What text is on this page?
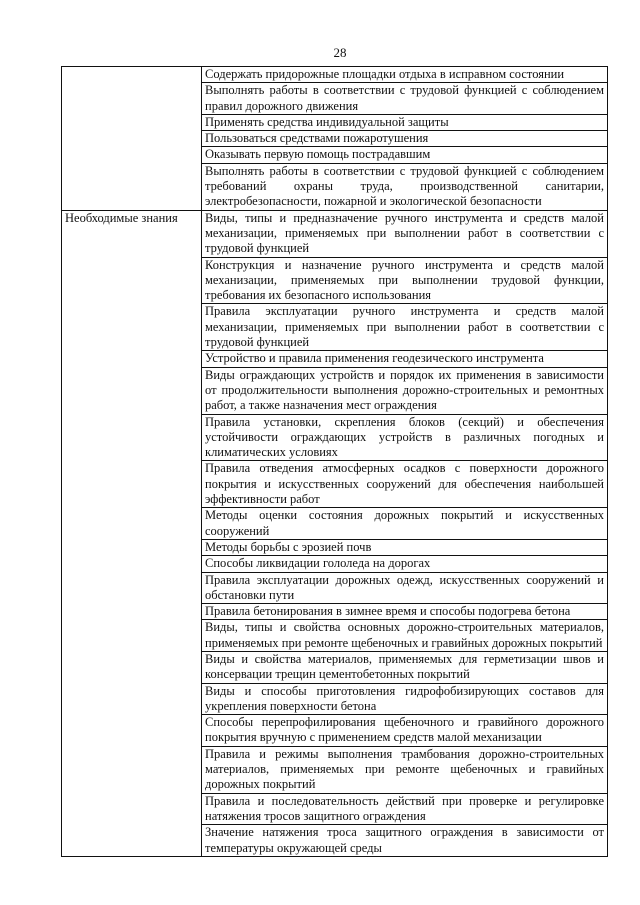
28
	Содержать придорожные площадки отдыха в исправном состоянии
	Выполнять работы в соответствии с трудовой функцией с соблюдением правил дорожного движения
	Применять средства индивидуальной защиты
	Пользоваться средствами пожаротушения
	Оказывать первую помощь пострадавшим
	Выполнять работы в соответствии с трудовой функцией с соблюдением требований охраны труда, производственной санитарии, электробезопасности, пожарной и экологической безопасности
Необходимые знания	Виды, типы и предназначение ручного инструмента и средств малой механизации, применяемых при выполнении работ в соответствии с трудовой функцией
	Конструкция и назначение ручного инструмента и средств малой механизации, применяемых при выполнении трудовой функции, требования их безопасного использования
	Правила эксплуатации ручного инструмента и средств малой механизации, применяемых при выполнении работ в соответствии с трудовой функцией
	Устройство и правила применения геодезического инструмента
	Виды ограждающих устройств и порядок их применения в зависимости от продолжительности выполнения дорожно-строительных и ремонтных работ, а также назначения мест ограждения
	Правила установки, скрепления блоков (секций) и обеспечения устойчивости ограждающих устройств в различных погодных и климатических условиях
	Правила отведения атмосферных осадков с поверхности дорожного покрытия и искусственных сооружений для обеспечения наибольшей эффективности работ
	Методы оценки состояния дорожных покрытий и искусственных сооружений
	Методы борьбы с эрозией почв
	Способы ликвидации гололеда на дорогах
	Правила эксплуатации дорожных одежд, искусственных сооружений и обстановки пути
	Правила бетонирования в зимнее время и способы подогрева бетона
	Виды, типы и свойства основных дорожно-строительных материалов, применяемых при ремонте щебеночных и гравийных дорожных покрытий
	Виды и свойства материалов, применяемых для герметизации швов и консервации трещин цементобетонных покрытий
	Виды и способы приготовления гидрофобизирующих составов для укрепления поверхности бетона
	Способы перепрофилирования щебеночного и гравийного дорожного покрытия вручную с применением средств малой механизации
	Правила и режимы выполнения трамбования дорожно-строительных материалов, применяемых при ремонте щебеночных и гравийных дорожных покрытий
	Правила и последовательность действий при проверке и регулировке натяжения тросов защитного ограждения
	Значение натяжения троса защитного ограждения в зависимости от температуры окружающей среды
